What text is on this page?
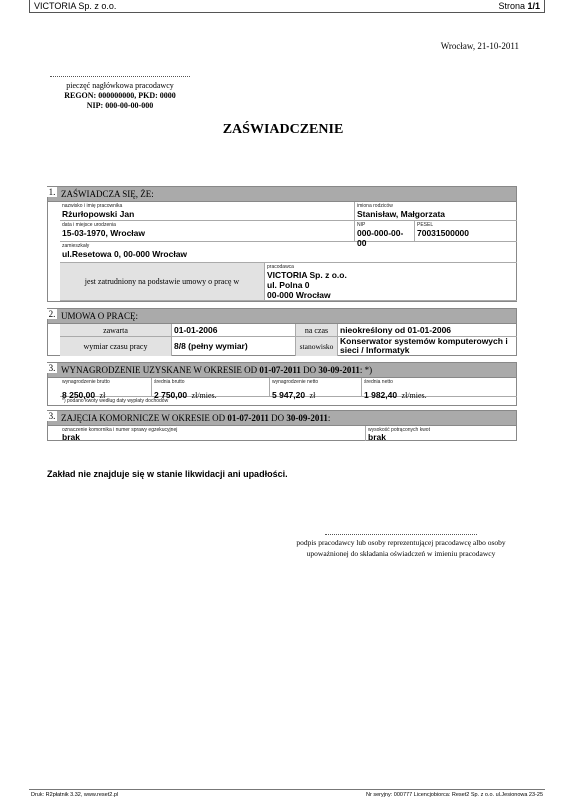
VICTORIA Sp. z o.o.	Strona 1/1
Wrocław, 21-10-2011
pieczęć nagłówkowa pracodawcy
REGON: 000000000, PKD: 0000
NIP: 000-00-00-000
ZAŚWIADCZENIE
ZAŚWIADCZA SIĘ, ŻE:
nazwisko i imię pracownika
Rżurłopowski Jan
imiona rodziców
Stanisław, Małgorzata
data i miejsce urodzenia
15-03-1970, Wrocław
NIP
000-000-00-00
PESEL
70031500000
zamieszkały
ul.Resetowa 0, 00-000 Wrocław
jest zatrudniony na podstawie umowy o pracę w
pracodawca
VICTORIA Sp. z o.o.
ul. Polna 0
00-000 Wrocław
1.
UMOWA O PRACĘ:
zawarta	01-01-2006	na czas	nieokreślony od 01-01-2006
wymiar czasu pracy	8/8 (pełny wymiar)	stanowisko
Konserwator systemów komputerowych i
sieci / Informatyk
2.
WYNAGRODZENIE UZYSKANE W OKRESIE OD 01-07-2011 DO 30-09-2011: *)
wynagrodzenie brutto
8 250,00 zł
średnia brutto
2 750,00 zł/mies.
wynagrodzenie netto
5 947,20 zł
średnia netto
1 982,40 zł/mies.
*) podano kwoty według daty wypłaty dochodów
3.
ZAJĘCIA KOMORNICZE W OKRESIE OD 01-07-2011 DO 30-09-2011:
oznaczenie komornika i numer sprawy egzekucyjnej
brak
wysokość potrąconych kwot
brak
3.
Zakład nie znajduje się w stanie likwidacji ani upadłości.
podpis pracodawcy lub osoby reprezentującej pracodawcę albo osoby
upoważnionej do składania oświadczeń w imieniu pracodawcy
Druk: R2płatnik 3.32, www.reset2.pl	Nr seryjny: 000777 Licencjobiorca: Reset2 Sp. z o.o. ul.Jesionowa 23-25
